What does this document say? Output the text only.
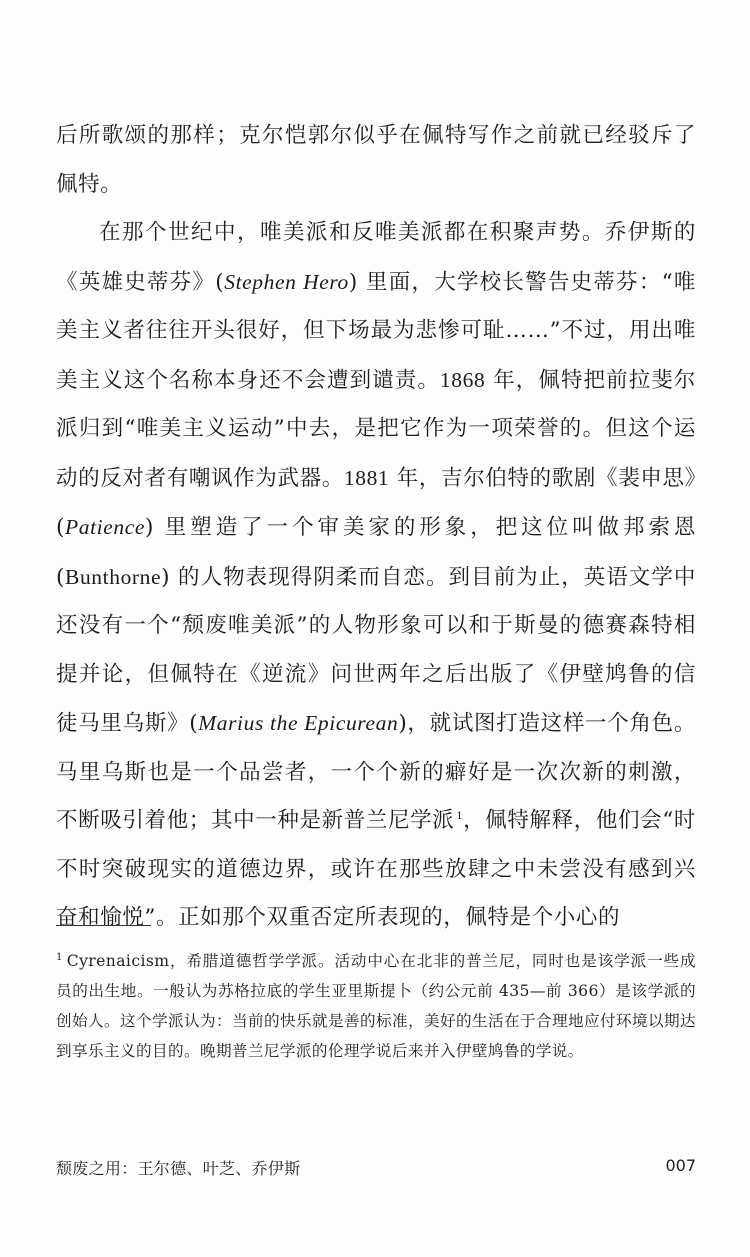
后所歌颂的那样；克尔恺郭尔似乎在佩特写作之前就已经驳斥了佩特。

在那个世纪中，唯美派和反唯美派都在积聚声势。乔伊斯的《英雄史蒂芬》(Stephen Hero) 里面，大学校长警告史蒂芬：“唯美主义者往往开头很好，但下场最为悲惨可耻……”不过，用出唯美主义这个名称本身还不会遭到谴责。1868 年，佩特把前拉斐尔派归到“唯美主义运动”中去，是把它作为一项荣誉的。但这个运动的反对者有嘲讽作为武器。1881 年，吉尔伯特的歌剧《裴申思》(Patience) 里塑造了一个审美家的形象，把这位叫做邦索恩 (Bunthorne) 的人物表现得阴柔而自恋。到目前为止，英语文学中还没有一个“颓废唯美派”的人物形象可以和于斯曼的德赛森特相提并论，但佩特在《逆流》问世两年之后出版了《伊壁鸠鲁的信徒马里乌斯》(Marius the Epicurean)，就试图打造这样一个角色。马里乌斯也是一个品尝者，一个个新的癖好是一次次新的刺激，不断吸引着他；其中一种是新普兰尼学派 $^1$，佩特解释，他们会“时不时突破现实的道德边界，或许在那些放肆之中未尝没有感到兴奋和愉悦”。正如那个双重否定所表现的，佩特是个小心的

$^1$ Cyrenaicism，希腊道德哲学学派。活动中心在北非的普兰尼，同时也是该学派一些成员的出生地。一般认为苏格拉底的学生亚里斯提卜（约公元前 435—前 366）是该学派的创始人。这个学派认为：当前的快乐就是善的标准，美好的生活在于合理地应付环境以期达到享乐主义的目的。晚期普兰尼学派的伦理学说后来并入伊壁鸠鲁的学说。

颓废之用：王尔德、叶芝、乔伊斯	007
